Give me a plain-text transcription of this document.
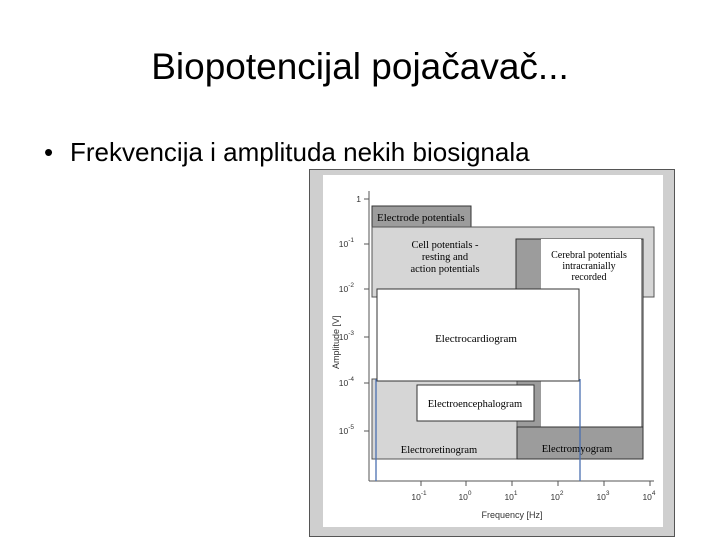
Biopotencijal pojačavač...
• Frekvencija i amplituda nekih biosignala
Electrode potentials
Cell potentials -
resting and
action potentials
Cerebral potentials
intracranially
recorded
Electroretinogram	Electromyogram
Electrocardiogram
Electroencephalogram
1
$10^{-1}$
$10^{-2}$
$10^{-3}$
$10^{-4}$
$10^{-5}$
Amplitude [V]
$10^{-1}$	$10^0$	$10^1$	$10^2$	$10^3$	$10^4$
Frequency [Hz]
